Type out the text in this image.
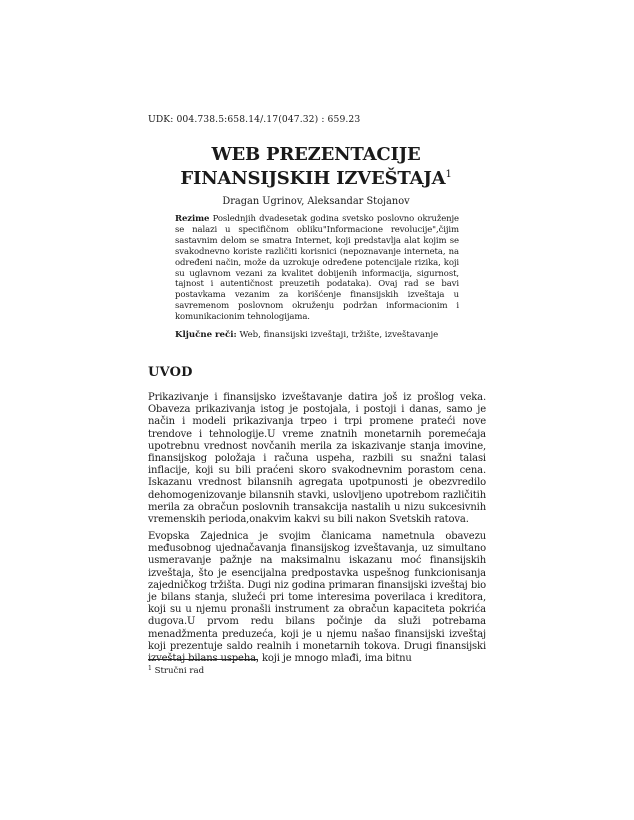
UDK: 004.738.5:658.14/.17(047.32) : 659.23
WEB PREZENTACIJE FINANSIJSKIH IZVEŠTAJA$^1$
Dragan Ugrinov, Aleksandar Stojanov
Rezime Poslednjih dvadesetak godina svetsko poslovno okruženje se nalazi u specifičnom obliku"Informacione revolucije",čijim sastavnim delom se smatra Internet, koji predstavlja alat kojim se svakodnevno koriste različiti korisnici (nepoznavanje interneta, na određeni način, može da uzrokuje određene potencijale rizika, koji su uglavnom vezani za kvalitet dobijenih informacija, sigurnost, tajnost i autentičnost preuzetih podataka). Ovaj rad se bavi postavkama vezanim za korišćenje finansijskih izveštaja u savremenom poslovnom okruženju podržan informacionim i komunikacionim tehnologijama.
Ključne reči: Web, finansijski izveštaji, tržište, izveštavanje
UVOD
Prikazivanje i finansijsko izveštavanje datira još iz prošlog veka. Obaveza prikazivanja istog je postojala, i postoji i danas, samo je način i modeli prikazivanja trpeo i trpi promene prateći nove trendove i tehnologije.U vreme znatnih monetarnih poremećaja upotrebnu vrednost novčanih merila za iskazivanje stanja imovine, finansijskog položaja i računa uspeha, razbili su snažni talasi inflacije, koji su bili praćeni skoro svakodnevnim porastom cena. Iskazanu vrednost bilansnih agregata upotpunosti je obezvredilo dehomogenizovanje bilansnih stavki, uslovljeno upotrebom različitih merila za obračun poslovnih transakcija nastalih u nizu sukcesivnih vremenskih perioda,onakvim kakvi su bili nakon Svetskih ratova.
Evopska Zajednica je svojim članicama nametnula obavezu međusobnog ujednačavanja finansijskog izveštavanja, uz simultano usmeravanje pažnje na maksimalnu iskazanu moć finansijskih izveštaja, što je esencijalna predpostavka uspešnog funkcionisanja zajedničkog tržišta. Dugi niz godina primaran finansijski izveštaj bio je bilans stanja, služeći pri tome interesima poverilaca i kreditora, koji su u njemu pronašli instrument za obračun kapaciteta pokrića dugova.U prvom redu bilans počinje da služi potrebama menadžmenta preduzeća, koji je u njemu našao finansijski izveštaj koji prezentuje saldo realnih i monetarnih tokova. Drugi finansijski izveštaj bilans uspeha, koji je mnogo mlađi, ima bitnu
$^1$ Stručni rad
